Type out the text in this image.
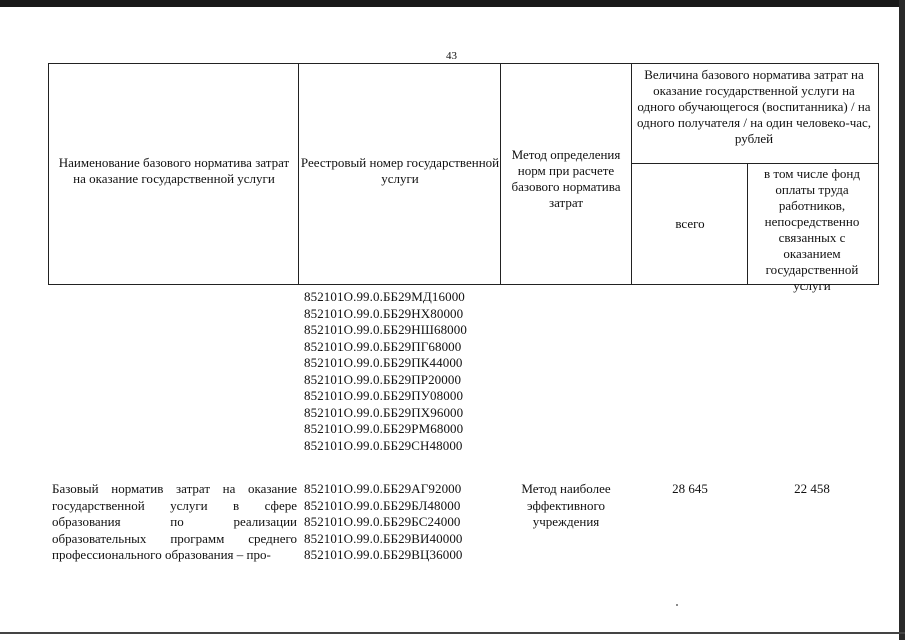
43
Наименование базового норматива затрат на оказание государственной услуги
Реестровый номер государственной услуги
Метод определения норм при расчете базового норматива затрат
Величина базового норматива затрат на оказание государственной услуги на одного обучающегося (воспитанника) / на одного получателя / на один человеко-час, рублей
всего
в том числе фонд оплаты труда работников, непосредственно связанных с оказанием государственной услуги
852101О.99.0.ББ29МД16000
852101О.99.0.ББ29НХ80000
852101О.99.0.ББ29НШ68000
852101О.99.0.ББ29ПГ68000
852101О.99.0.ББ29ПК44000
852101О.99.0.ББ29ПР20000
852101О.99.0.ББ29ПУ08000
852101О.99.0.ББ29ПХ96000
852101О.99.0.ББ29РМ68000
852101О.99.0.ББ29СН48000
Базовый норматив затрат на оказание государственной услуги в сфере образования по реализации образовательных программ среднего профессионального образования – про-
852101О.99.0.ББ29АГ92000
852101О.99.0.ББ29БЛ48000
852101О.99.0.ББ29БС24000
852101О.99.0.ББ29ВИ40000
852101О.99.0.ББ29ВЦ36000
Метод наиболее эффективного учреждения
28 645	22 458
